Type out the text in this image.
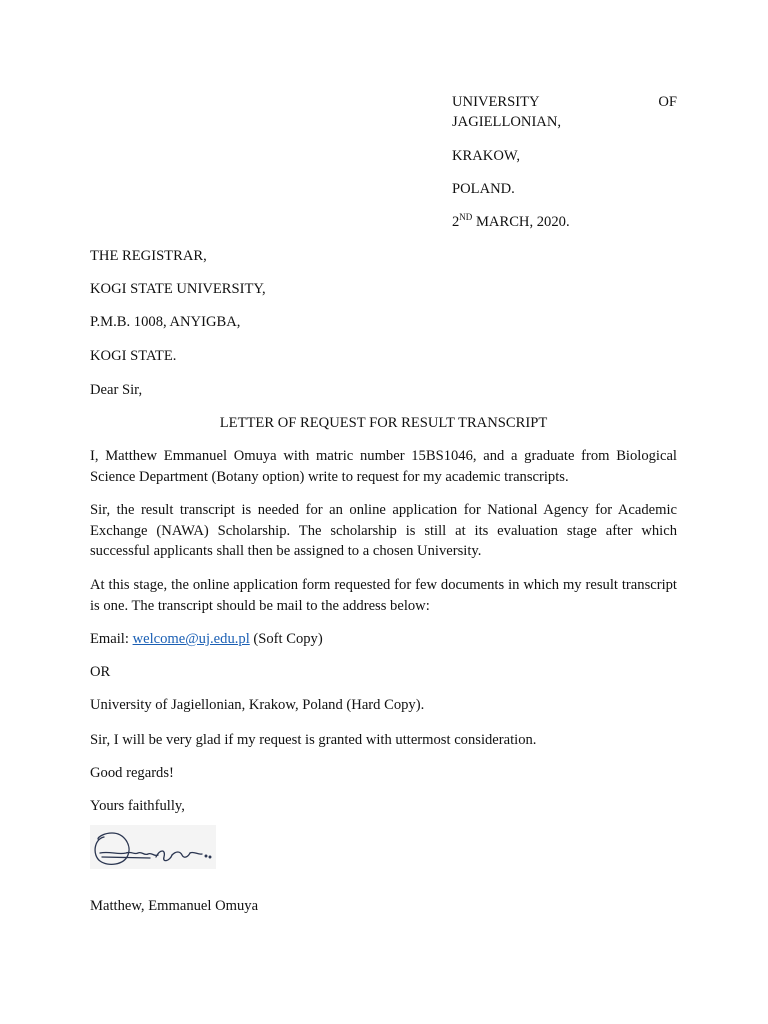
UNIVERSITY	OF
JAGIELLONIAN,
KRAKOW,
POLAND.
2ND MARCH, 2020.
THE REGISTRAR,
KOGI STATE UNIVERSITY,
P.M.B. 1008, ANYIGBA,
KOGI STATE.
Dear Sir,
LETTER OF REQUEST FOR RESULT TRANSCRIPT
I, Matthew Emmanuel Omuya with matric number 15BS1046, and a graduate from Biological Science Department (Botany option) write to request for my academic transcripts.
Sir, the result transcript is needed for an online application for National Agency for Academic Exchange (NAWA) Scholarship. The scholarship is still at its evaluation stage after which successful applicants shall then be assigned to a chosen University.
At this stage, the online application form requested for few documents in which my result transcript is one. The transcript should be mail to the address below:
Email: welcome@uj.edu.pl (Soft Copy)
OR
University of Jagiellonian, Krakow, Poland (Hard Copy).
Sir, I will be very glad if my request is granted with uttermost consideration.
Good regards!
Yours faithfully,
Matthew, Emmanuel Omuya
